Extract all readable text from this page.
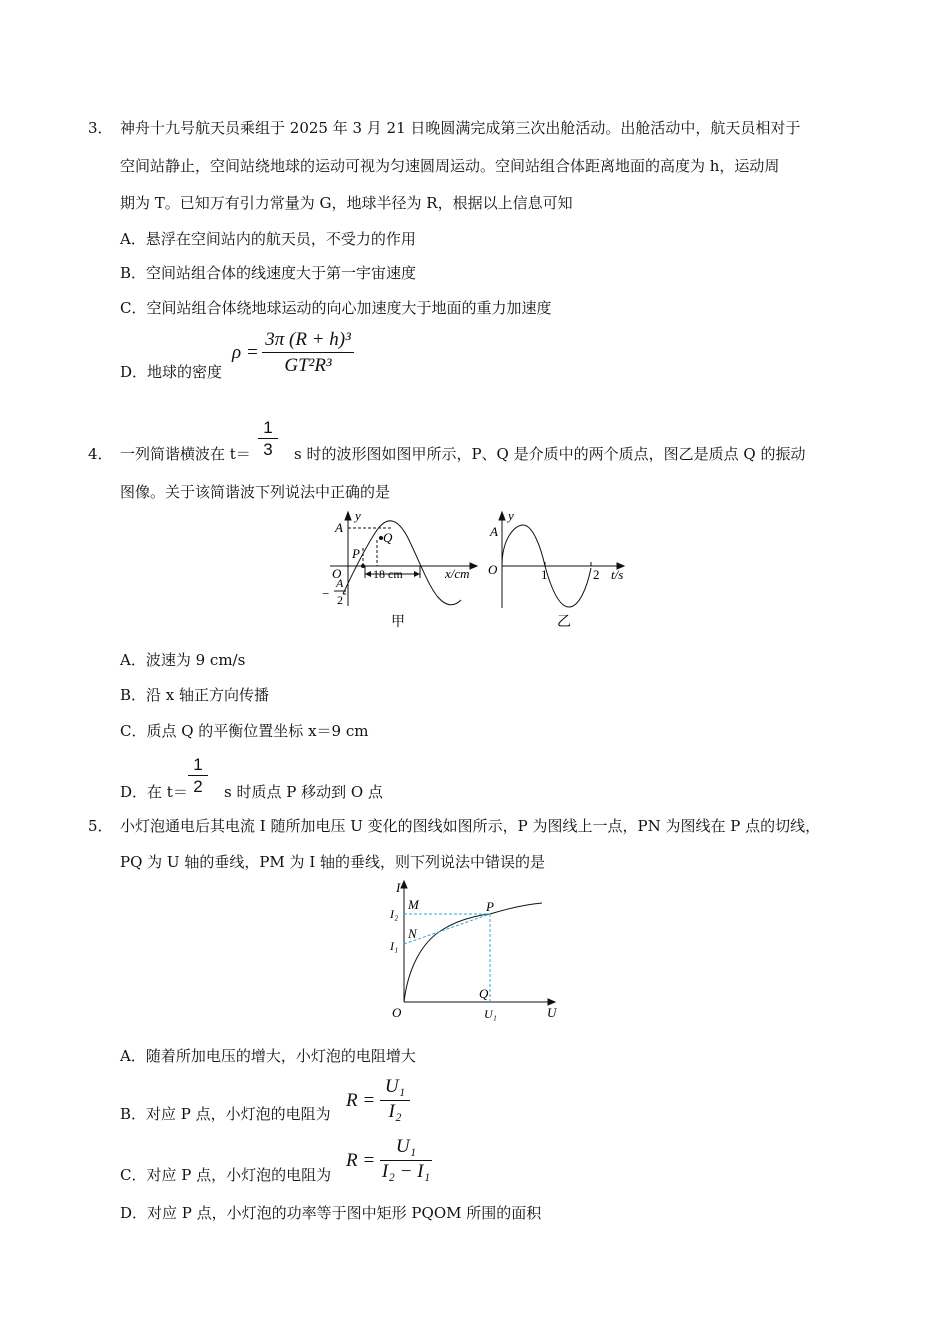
3． 神舟十九号航天员乘组于 2025 年 3 月 21 日晚圆满完成第三次出舱活动。出舱活动中，航天员相对于
空间站静止，空间站绕地球的运动可视为匀速圆周运动。空间站组合体距离地面的高度为 h，运动周
期为 T。已知万有引力常量为 G，地球半径为 R，根据以上信息可知
A．悬浮在空间站内的航天员，不受力的作用
B．空间站组合体的线速度大于第一宇宙速度
C．空间站组合体绕地球运动的向心加速度大于地面的重力加速度
D．地球的密度
ρ =
3π (R + h)³
GT²R³
4． 一列简谐横波在 t＝
1
3	s 时的波形图如图甲所示，P、Q 是介质中的两个质点，图乙是质点 Q 的振动
图像。关于该简谐波下列说法中正确的是
y
A
P
Q
O	18 cm	x/cm
−
A
2
甲
y
A
O	1	2 t/s
乙
A．波速为 9 cm/s
B．沿 x 轴正方向传播
C．质点 Q 的平衡位置坐标 x＝9 cm
D．在 t＝
1
2	s 时质点 P 移动到 O 点
5． 小灯泡通电后其电流 I 随所加电压 U 变化的图线如图所示，P 为图线上一点，PN 为图线在 P 点的切线，
PQ 为 U 轴的垂线，PM 为 I 轴的垂线，则下列说法中错误的是
I
M
I₂
N
I₁
P
Q
O	U₁	U
A．随着所加电压的增大，小灯泡的电阻增大
B．对应 P 点，小灯泡的电阻为
R =
U₁
I₂
C．对应 P 点，小灯泡的电阻为
R =
U₁
I₂ − I₁
D．对应 P 点，小灯泡的功率等于图中矩形 PQOM 所围的面积
